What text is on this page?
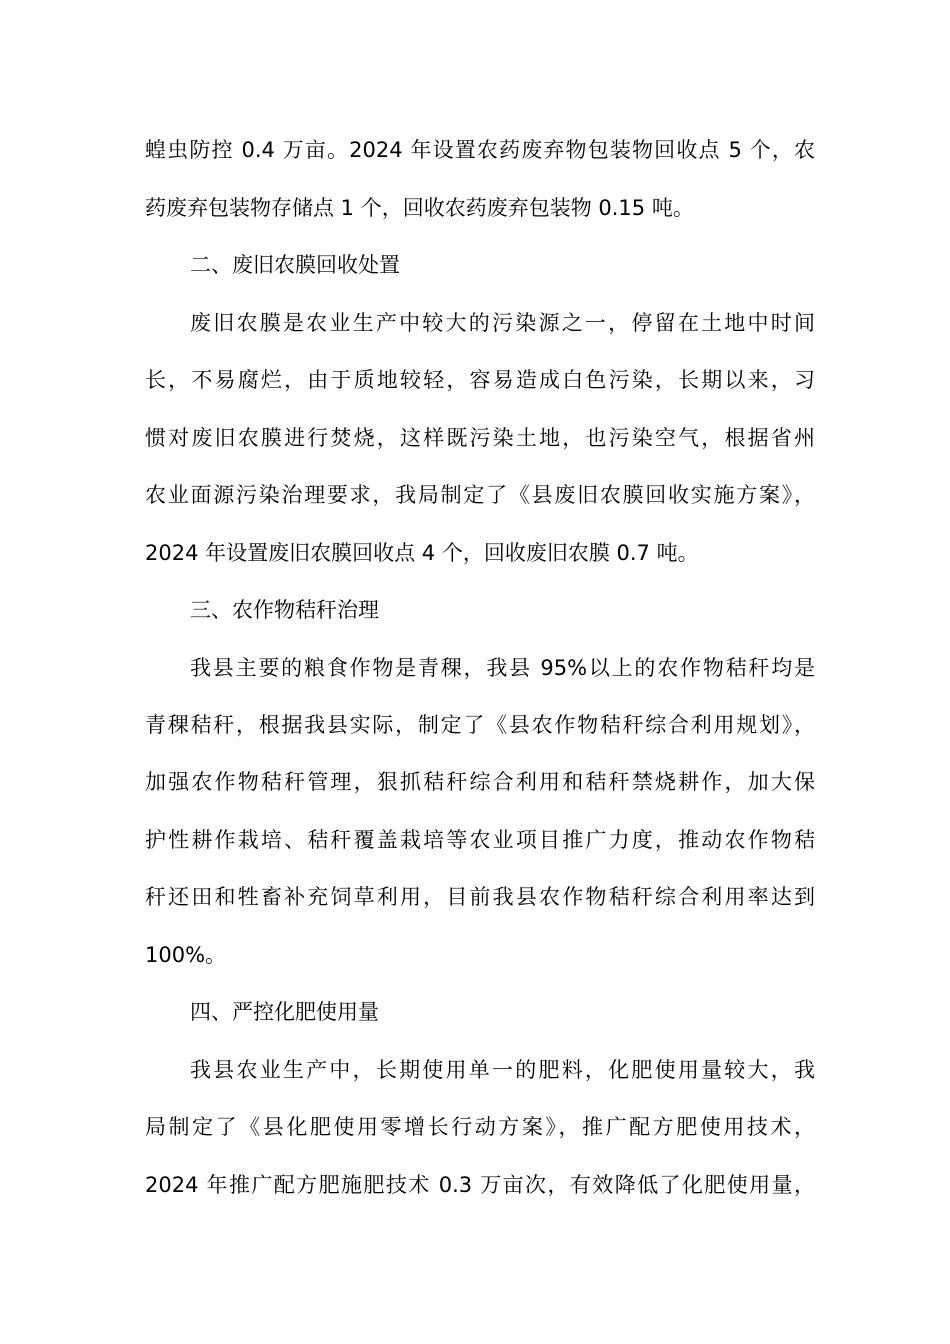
蝗虫防控 0.4 万亩。2024 年设置农药废弃物包装物回收点 5 个，农
药废弃包装物存储点 1 个，回收农药废弃包装物 0.15 吨。
二、废旧农膜回收处置
废旧农膜是农业生产中较大的污染源之一，停留在土地中时间
长，不易腐烂，由于质地较轻，容易造成白色污染，长期以来，习
惯对废旧农膜进行焚烧，这样既污染土地，也污染空气，根据省州
农业面源污染治理要求，我局制定了《县废旧农膜回收实施方案》，
2024 年设置废旧农膜回收点 4 个，回收废旧农膜 0.7 吨。
三、农作物秸秆治理
我县主要的粮食作物是青稞，我县 95%以上的农作物秸秆均是
青稞秸秆，根据我县实际，制定了《县农作物秸秆综合利用规划》，
加强农作物秸秆管理，狠抓秸秆综合利用和秸秆禁烧耕作，加大保
护性耕作栽培、秸秆覆盖栽培等农业项目推广力度，推动农作物秸
秆还田和牲畜补充饲草利用，目前我县农作物秸秆综合利用率达到
100%。
四、严控化肥使用量
我县农业生产中，长期使用单一的肥料，化肥使用量较大，我
局制定了《县化肥使用零增长行动方案》，推广配方肥使用技术，
2024 年推广配方肥施肥技术 0.3 万亩次，有效降低了化肥使用量，
